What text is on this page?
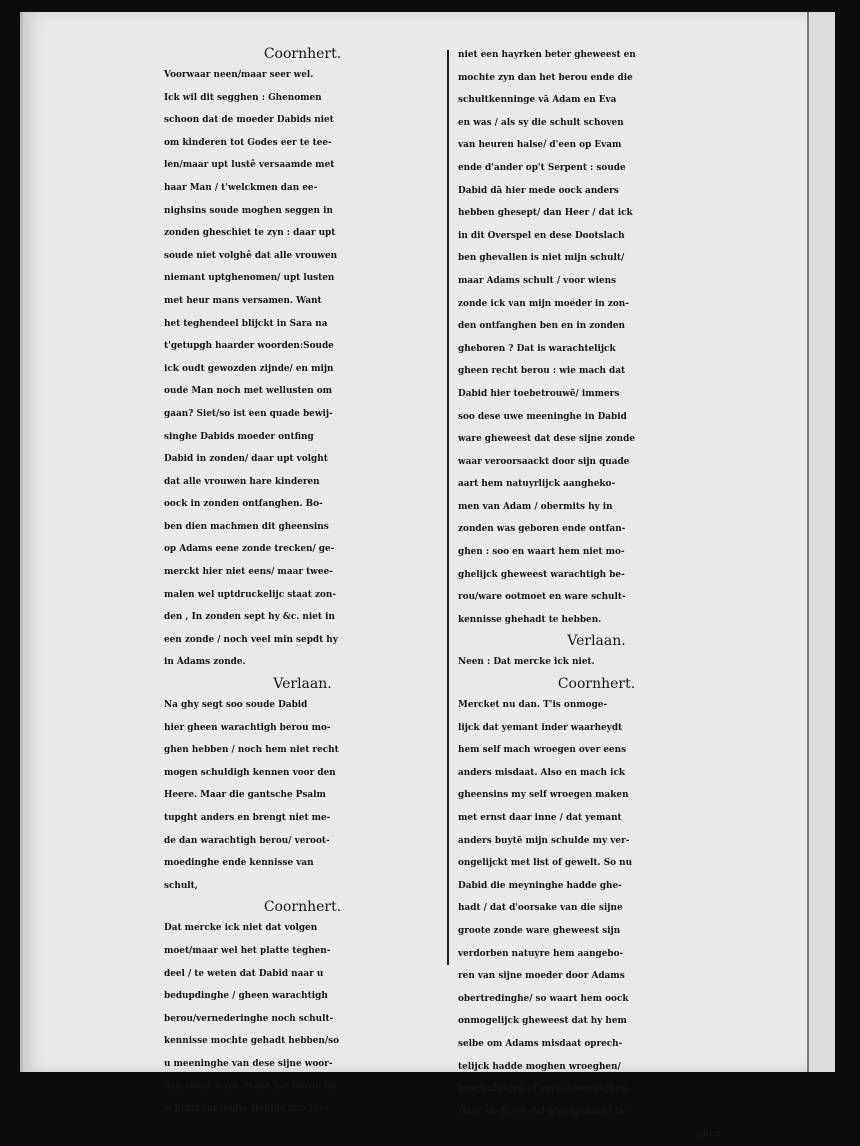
Coornhert.
Voorwaar neen/maar seer wel.
Ick wil dit segghen : Ghenomen
schoon dat de moeder Dabids niet
om kinderen tot Godes eer te tee-
len/maar upt lustê versaamde met
haar Man / t'welckmen dan ee-
nighsins soude moghen seggen in
zonden gheschiet te zyn : daar upt
soude niet volghê dat alle vrouwen
niemant uptghenomen/ upt lusten
met heur mans versamen. Want
het teghendeel blijckt in Sara na
t'getupgh haarder woorden:Soude
ick oudt gewozden zijnde/ en mijn
oude Man noch met wellusten om
gaan? Siet/so ist een quade bewij-
singhe Dabids moeder ontfing
Dabid in zonden/ daar upt volght
dat alle vrouwen hare kinderen
oock in zonden ontfanghen. Bo-
ben dien machmen dit gheensins
op Adams eene zonde trecken/ ge-
merckt hier niet eens/ maar twee-
malen wel uptdruckelijc staat zon-
den , In zonden sept hy &c. niet in
een zonde / noch veel min sepdt hy
in Adams zonde.
Verlaan.
Na ghy segt soo soude Dabid
hier gheen warachtigh berou mo-
ghen hebben / noch hem niet recht
mogen schuldigh kennen voor den
Heere. Maar die gantsche Psalm
tupght anders en brengt niet me-
de dan warachtigh berou/ veroot-
moedinghe ende kennisse van
schult,
Coornhert.
Dat mercke ick niet dat volgen
moet/maar wel het platte teghen-
deel / te weten dat Dabid naar u
bedupdinghe / gheen warachtigh
berou/vernederinghe noch schult-
kennisse mochte gehadt hebben/so
u meeninghe van dese sijne woor-
den recht ware. Want het berou en
schultkenninghe Dabids dan hier
niet een hayrken beter gheweest en
mochte zyn dan het berou ende die
schultkenninge vā Adam en Eva
en was / als sy die schult schoven
van heuren halse/ d'een op Evam
ende d'ander op't Serpent : soude
Dabid dā hier mede oock anders
hebben ghesept/ dan Heer / dat ick
in dit Overspel en dese Dootslach
ben ghevallen is niet mijn schult/
maar Adams schult / voor wiens
zonde ick van mijn moeder in zon-
den ontfanghen ben en in zonden
gheboren ? Dat is warachtelijck
gheen recht berou : wie mach dat
Dabid hier toebetrouwē/ immers
soo dese uwe meeninghe in Dabid
ware gheweest dat dese sijne zonde
waar veroorsaackt door sijn quade
aart hem natuyrlijck aangheko-
men van Adam / obermits hy in
zonden was geboren ende ontfan-
ghen : soo en waart hem niet mo-
ghelijck gheweest warachtigh be-
rou/ware ootmoet en ware schult-
kennisse ghehadt te hebben.
Verlaan.
Neen : Dat mercke ick niet.
Coornhert.
Mercket nu dan. T'is onmoge-
lijck dat yemant inder waarheydt
hem self mach wroegen over eens
anders misdaat. Also en mach ick
gheensins my self wroegen maken
met ernst daar inne / dat yemant
anders buytē mijn schulde my ver-
ongelijckt met list of gewelt. So nu
Dabid die meyninghe hadde ghe-
hadt / dat d'oorsake van die sijne
groote zonde ware gheweest sijn
verdorben natuyre hem aangebo-
ren van sijne moeder door Adams
obertredinghe/ so waart hem oock
onmogelijck gheweest dat hy hem
selbe om Adams misdaat oprech-
telijck hadde moghen wroeghen/
beschuldigen of verootmoedighen.
Daar siedy nu dat ghy spreeckt te-
ghen
